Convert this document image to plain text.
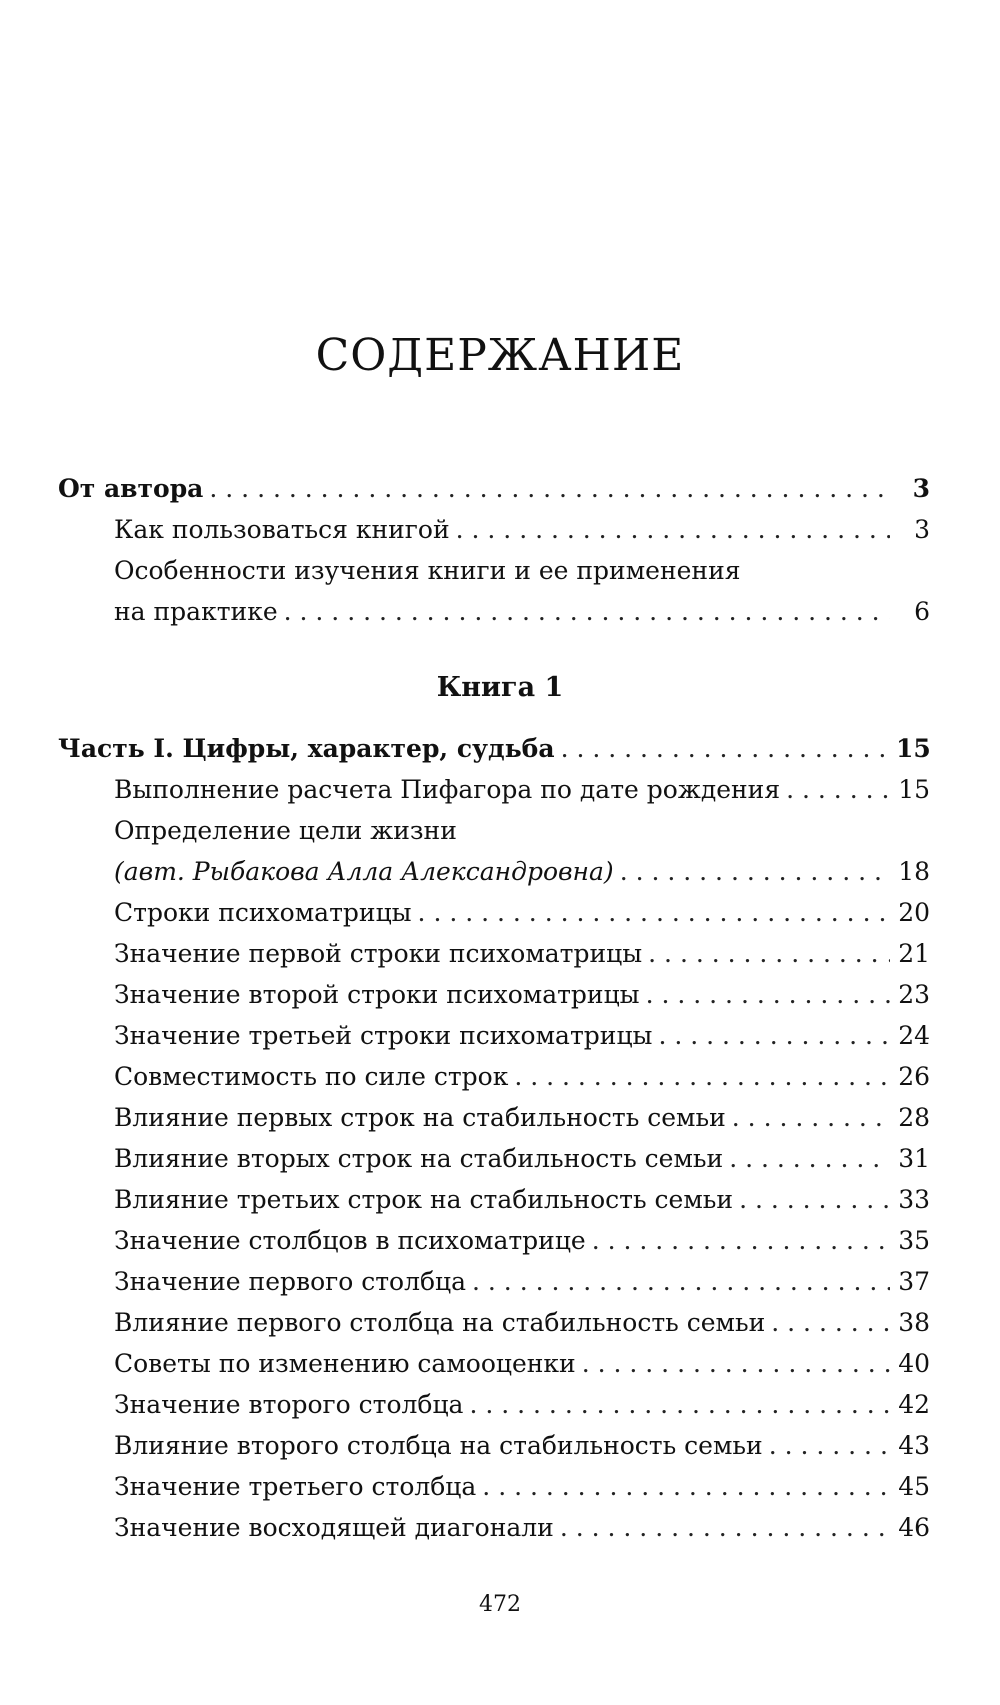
СОДЕРЖАНИЕ
От автора . . .	3
Как пользоваться книгой . . .	3
Особенности изучения книги и ее применения
на практике . . .	6
Книга 1
Часть I. Цифры, характер, судьба . . .	15
Выполнение расчета Пифагора по дате рождения . . .	15
Определение цели жизни
(авт. Рыбакова Алла Александровна) . . .	18
Строки психоматрицы . . .	20
Значение первой строки психоматрицы . . .	21
Значение второй строки психоматрицы . . .	23
Значение третьей строки психоматрицы . . .	24
Совместимость по силе строк . . .	26
Влияние первых строк на стабильность семьи . . .	28
Влияние вторых строк на стабильность семьи . . .	31
Влияние третьих строк на стабильность семьи . . .	33
Значение столбцов в психоматрице . . .	35
Значение первого столбца . . .	37
Влияние первого столбца на стабильность семьи . . .	38
Советы по изменению самооценки . . .	40
Значение второго столбца . . .	42
Влияние второго столбца на стабильность семьи . . .	43
Значение третьего столбца . . .	45
Значение восходящей диагонали . . .	46
472
